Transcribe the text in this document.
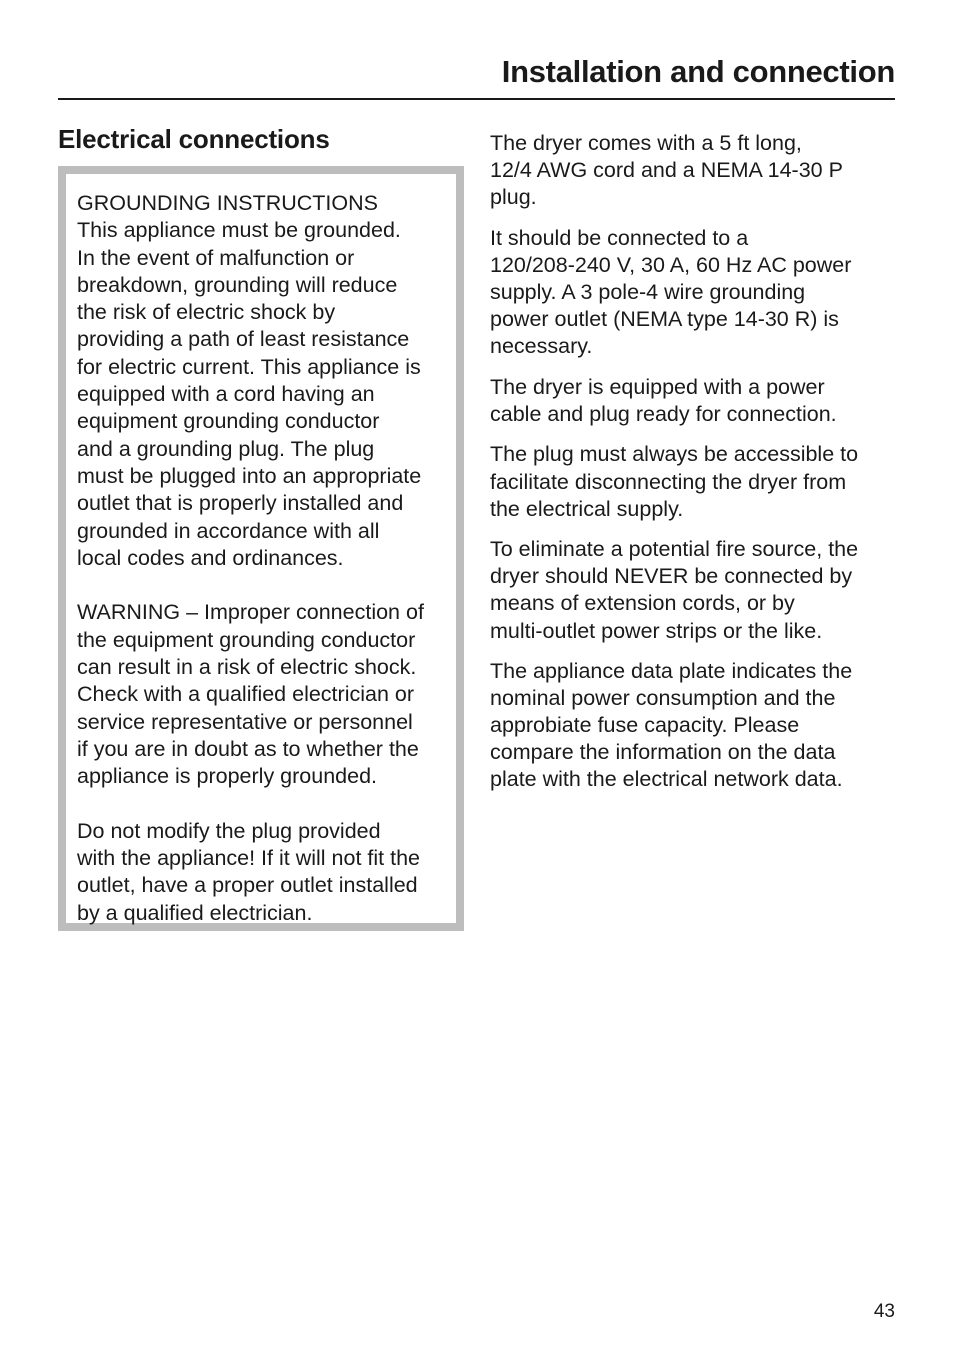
Installation and connection
Electrical connections

GROUNDING INSTRUCTIONS
This appliance must be grounded.
In the event of malfunction or
breakdown, grounding will reduce
the risk of electric shock by
providing a path of least resistance
for electric current. This appliance is
equipped with a cord having an
equipment grounding conductor
and a grounding plug. The plug
must be plugged into an appropriate
outlet that is properly installed and
grounded in accordance with all
local codes and ordinances.

WARNING – Improper connection of
the equipment grounding conductor
can result in a risk of electric shock.
Check with a qualified electrician or
service representative or personnel
if you are in doubt as to whether the
appliance is properly grounded.

Do not modify the plug provided
with the appliance! If it will not fit the
outlet, have a proper outlet installed
by a qualified electrician.

The dryer comes with a 5 ft long,
12/4 AWG cord and a NEMA 14-30 P
plug.

It should be connected to a
120/208-240 V, 30 A, 60 Hz AC power
supply. A 3 pole-4 wire grounding
power outlet (NEMA type 14-30 R) is
necessary.

The dryer is equipped with a power
cable and plug ready for connection.

The plug must always be accessible to
facilitate disconnecting the dryer from
the electrical supply.

To eliminate a potential fire source, the
dryer should NEVER be connected by
means of extension cords, or by
multi-outlet power strips or the like.

The appliance data plate indicates the
nominal power consumption and the
approbiate fuse capacity. Please
compare the information on the data
plate with the electrical network data.

43
